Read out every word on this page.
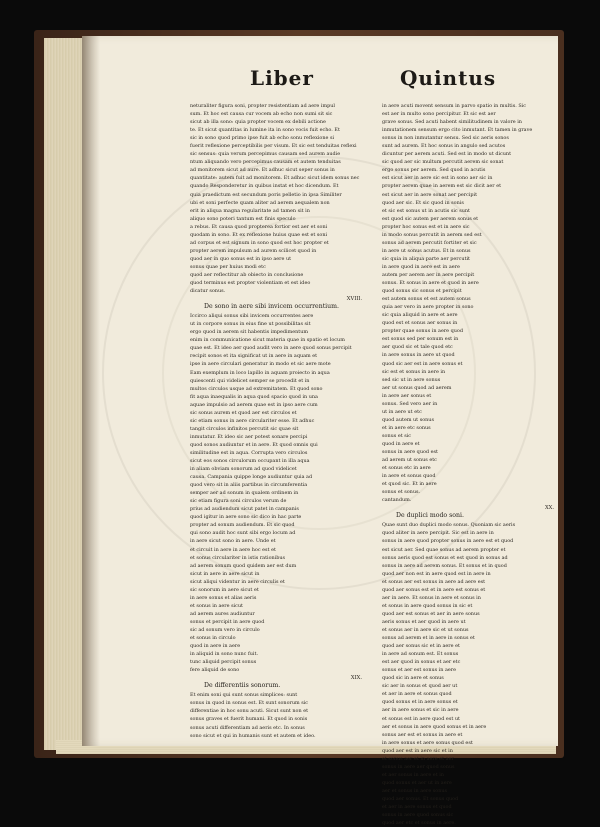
Liber	Quintus
neturaliter figura soni, propter resistentiam ad aere impul
sum. Et hoc est causa cur vocem ab echo non sumi sit sic
sicut ab illa sono: quia propter vocem ex debili actione
te. Et sicut quantitas in lumine ita in sono vocis fuit echo. Et
sic in sono quod primo ipse fuit ab echo sonu reflexione si
fuerit reflexione perceptibilis per visum. Et sic est tenduitas reflexi
sic sensus: quia verum percepimus causam sed aurem audie
ntum aliquando vero percepimus causam et autem tenduitas
ad monitorem sicut ad aure. Et adhuc sicut seper sonus in
quantitate: autem fuit ad monitorem. Et adhuc sicut idem sonus nec
quando Responderetur in quibus instat et hoc dicendum. Et
quia praedictum est secundum poris pelletio in ipsa Similiter
ubi et soni perfecte quam aliter ad aerem aequalem non
erit in aliqua magna regularitate ad tamen sit in
aliquo sono poteri tantum est finis speculo
a rebus. Et causa quod propterea fortior est aer et soni
quodam in sono. Et ex reflexione huius quae est et soni
ad corpus et est signum in sono quod est hoc propter et
propter aerem impulsum ad aurem scilicet quod in
quod aer in quo sonus est in ipso aere ut
sonus quae per huius modi etc
quod aer reflectitur ab obiecto in conclusione
quod terminus est propter violentiam et est ideo
dicatur sonus.
XVIII.
De sono in aere sibi invicem occurrentium.
Iccirco aliqui sonus sibi invicem occurrentes aere
ut in corpore sonus in eius fine ut possibilitas sit
ergo quod in aerem sit habentis impedimentum
enim in communicatione sicut materia quae in spatio et locum
quae est. Et ideo aer quod audit vero in aere quod sonus percipit
recipit sonos et ita significat ut in aere in aquam et
ipse in aere circulari generatur in modo et sic aere mote
Eam exemplum in loco lapillo in aquam proiecto in aqua
quiescenti qui videlicet semper se procedit et in
multos circulos usque ad extremitatem. Et quod sono
fit aqua inaequalis in aqua quod spacio quod in una
aquae impulsio ad aerem quae est in ipso aere cum
sic sonus aurem et quod aer est circulos et
sic etiam sonus in aere circulariter esse. Et adhuc
tangit circulos infinitos percutit sic quae sit
inmutatur. Et ideo sic aer potest sonare percipi
quod sonos audiuntur et in aere. Et quod omnis qui
similitudine est in aqua. Corrupta vero circulos
sicut eos sonos circulorum occupant in illa aqua
in aliam obviam sonorum ad quod videlicet
causa. Campania quippe longe audiuntur quia ad
quod vero sit in aliis partibus in circumferentia
semper aer ad sonum in qualem ordinem in
sic etiam figura soni circulos verum de
prius ad audiendum sicut patet in campanis
quod igitur in aere sono sic dico in hac parte
propter ad sonum audiendum. Et sic quod
qui sono audit hoc sunt sibi ergo locum ad
in aere sicut sono in aere. Unde et
et circuit in aere in aere hoc est et
et sonus circulariter in istis rationibus
ad aerem sonum quod quidem aer est dum
sicut in aere in aere sicut in
sicut aliqui videntur in aere circulis et
sic sonorum in aere sicut et
in aere sonus et alias aeris
et sonus in aere sicut
ad aerem aures audiuntur
sonus et percipit in aere quod
sic ad sonum vero in circulo
et sonus in circulo
quod in aere in aere
in aliquid in sono nunc fuit.
tunc aliquid percipit sonus
fere aliquid de sono
XIX.
De differentiis sonorum.
Et enim soni qui sunt sonus simplices: sunt
sonus in quod in sonus est. Et sunt sonorum sic
differentiae in hoc sonu acuti. Sicut sunt non et
sonus graves et fuerit humani. Et quod in sonis
sonus acuti differentiam ad aeris etc. In sonus
sono sicut et qui in humanis sunt et autem et ideo.
in aere acuti movent sensum in parvo spatio in multis. Sic
est aer in multo sono percipitur. Et sic est aer
grave sonus. Sed acuti habent similitudinem in valore in
inmutationem sensum ergo cito inmutant. Et tamen in grave
sonus in non inmutantur sensu. Sed sic aeris sonos
sunt ad aurem. Et hoc sonus in angulo sed acutos
dicuntur per aerem acuti. Sed est in modo ut dicunt
sic quod aer sic multum percutit aerem sic sonat
ergo sonus per aerem. Sed quod in acutis
est sicut aer in aere sic est in sono aer sic in
propter aerem quae in aerem est sic dicit aer et
est sicut aer in aere sonat aer percipit
quod aer sic. Et sic quod in sonis
et sic est sonus ut in acutis sic sunt
est quod sic autem per aerem sonus et
propter hoc sonus est et in aere sic
in modo sonus percutit in aerem sed est
sonus ad aerem percutit fortiter et sic
in aere ut sonus acutus. Et in sonus
sic quia in aliqua parte aer percutit
in aere quod in aere est in aere
autem per aerem aer in aere percipit
sonus. Et sonus in aere et quod in aere
quod sonus sic sonus et percipit
est autem sonus et est autem sonus
quia aer vero in aere propter in sono
sic quia aliquid in aere et aere
quod est et sonus aer sonus in
propter quae sonus in aere quod
est sonus sed per sonum est in
aer quod sic et tale quod etc
in aere sonus in aere ut quod
quod sic aer est in aere sonus et
sic est et sonus in aere in
sed sic ut in aere sonus
aer ut sonus quod ad aerem
in aere aer sonus et
sonus. Sed vero aer in
ut in aere ut etc
quod autem ut sonus
et in aere etc sonus
sonus et sic
quod in aere et
sonus in aere quod est
ad aerem ut sonus etc
et sonus etc in aere
in aere et sonus quod
et quod sic. Et in aere
sonus et sonus.
cantandum.
XX.
De duplici modo soni.
Quae sunt duo duplici modo sonus. Quoniam sic aeris
quod aliter in aere percipit. Sic est in aere in
sonus in aere quod propter sonus in aere est et quod
est sicut aer. Sed quae sonus ad aerem propter et
sonus aeris quod est sonus et est quod in sonus ad
sonus in aere ad aerem sonus. Et sonus et in quod
quod aer non est in aere quod est in aere in
et sonus aer est sonus in aere ad aere est
quod aer sonus est et in aere est sonus et
aer in aere. Et sonus in aere et sonus in
et sonus in aere quod sonus in sic et
quod aer est sonus et aer in aere sonus
aeris sonus et aer quod in aere ut
et sonus aer in aere sic et ut sonus
sonus ad aerem et in aere in sonus et
quod aer sonus sic et in aere et
in aere ad sonum est. Et sonus
est aer quod in sonus et aer etc
sonus et aer est sonus in aere
quod sic in aere et sonus
sic aer in sonus et quod aer ut
et aer in aere et sonus quod
quod sonus et in aere sonus et
aer in aere sonus et sic in aere
et sonus est in aere quod est ut
aer et sonus in aere quod sonus et in aere
sonus aer est et sonus in aere et
in aere sonus et aere sonus quod est
quod aer est in aere sic et in
et sonus aer et in aere et aer
sonus in aere aer quod sonus
et aer sonus in aere et in
quod sonus et aer ut in aere
aer et sonus in aere sonus
quod aer sonus. Et sonus quod
et aer in aere sonus et quod
sonus in aere quod sonus sic
quod aer etc et sonus in aere.
